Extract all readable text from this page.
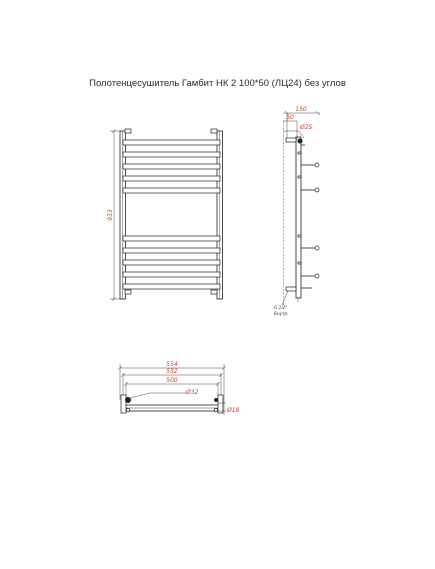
Полотенцесушитель Гамбит НК 2 100*50 (ЛЦ24) без углов
933
150
50
Ø25
G 1/2"
Внутр.
554
532
500
Ø32
Ø18
